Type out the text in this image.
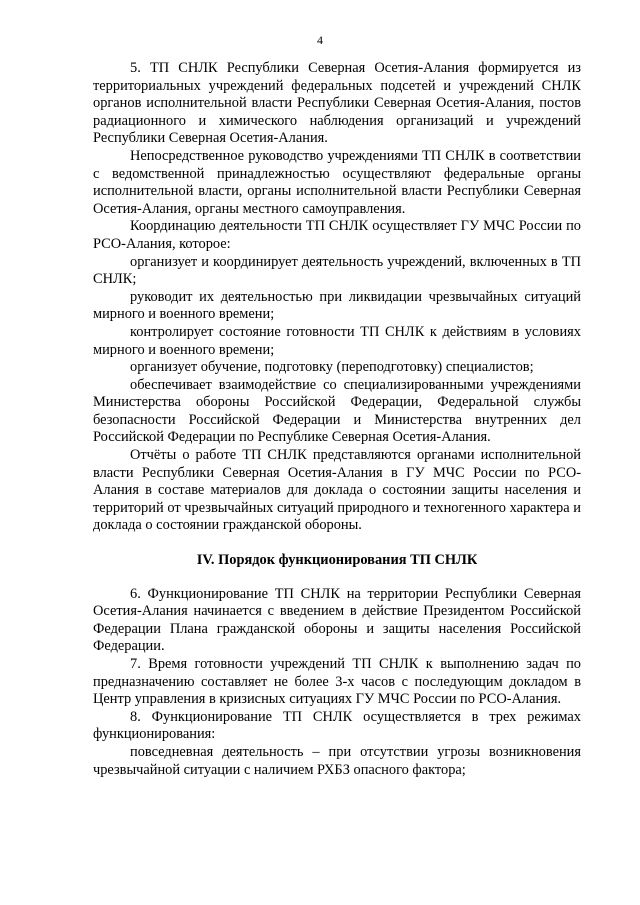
4

5. ТП СНЛК Республики Северная Осетия-Алания формируется из территориальных учреждений федеральных подсетей и учреждений СНЛК органов исполнительной власти Республики Северная Осетия-Алания, постов радиационного и химического наблюдения организаций и учреждений Республики Северная Осетия-Алания.

Непосредственное руководство учреждениями ТП СНЛК в соответствии с ведомственной принадлежностью осуществляют федеральные органы исполнительной власти, органы исполнительной власти Республики Северная Осетия-Алания, органы местного самоуправления.

Координацию деятельности ТП СНЛК осуществляет ГУ МЧС России по РСО-Алания, которое:

организует и координирует деятельность учреждений, включенных в ТП СНЛК;

руководит их деятельностью при ликвидации чрезвычайных ситуаций мирного и военного времени;

контролирует состояние готовности ТП СНЛК к действиям в условиях мирного и военного времени;

организует обучение, подготовку (переподготовку) специалистов;

обеспечивает взаимодействие со специализированными учреждениями Министерства обороны Российской Федерации, Федеральной службы безопасности Российской Федерации и Министерства внутренних дел Российской Федерации по Республике Северная Осетия-Алания.

Отчёты о работе ТП СНЛК представляются органами исполнительной власти Республики Северная Осетия-Алания в ГУ МЧС России по РСО-Алания в составе материалов для доклада о состоянии защиты населения и территорий от чрезвычайных ситуаций природного и техногенного характера и доклада о состоянии гражданской обороны.

IV. Порядок функционирования ТП СНЛК

6. Функционирование ТП СНЛК на территории Республики Северная Осетия-Алания начинается с введением в действие Президентом Российской Федерации Плана гражданской обороны и защиты населения Российской Федерации.

7. Время готовности учреждений ТП СНЛК к выполнению задач по предназначению составляет не более 3-х часов с последующим докладом в Центр управления в кризисных ситуациях ГУ МЧС России по РСО-Алания.

8. Функционирование ТП СНЛК осуществляется в трех режимах функционирования:

повседневная деятельность – при отсутствии угрозы возникновения чрезвычайной ситуации с наличием РХБЗ опасного фактора;
